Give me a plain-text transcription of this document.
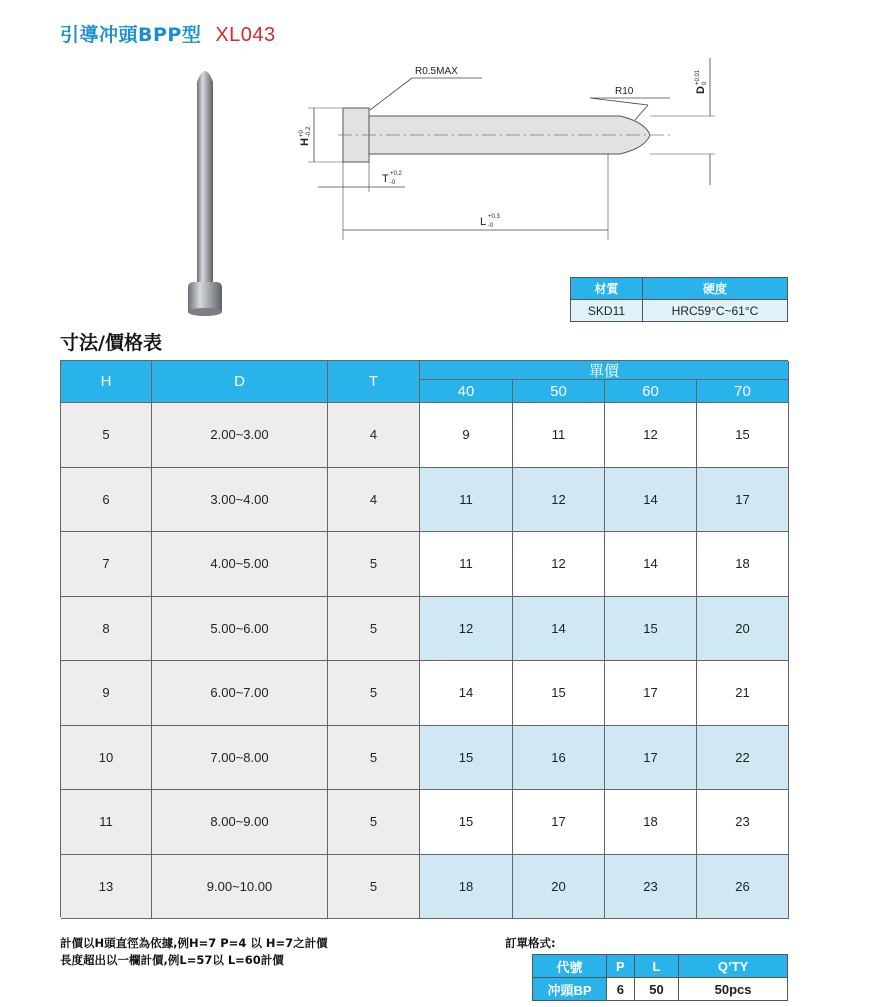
引導冲頭BPP型 XL043
R0.5MAX
R10	D
+0.01 0
H
+0 -0.2
T +0.2
-0
L +0.3
-0
材質	硬度
SKD11	HRC59°C~61°C
寸法/價格表
H	D	T
單價
40	50	60	70
5	2.00~3.00	4	9	11	12	15
6	3.00~4.00	4	11	12	14	17
7	4.00~5.00	5	11	12	14	18
8	5.00~6.00	5	12	14	15	20
9	6.00~7.00	5	14	15	17	21
10	7.00~8.00	5	15	16	17	22
11	8.00~9.00	5	15	17	18	23
13	9.00~10.00	5	18	20	23	26
計價以H頭直徑為依據,例H=7 P=4 以 H=7之計價
長度超出以一欄計價,例L=57以 L=60計價
訂單格式:
代號	P	L	Q’TY
冲頭BP	6	50	50pcs
